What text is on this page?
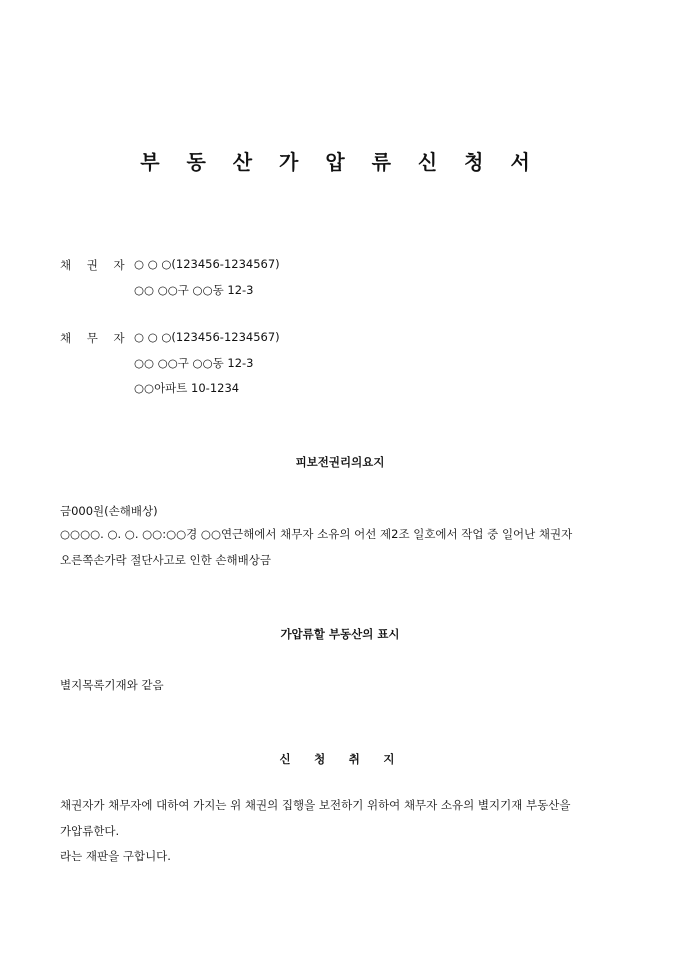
부 동 산 가 압 류 신 청 서
채 권 자 ○ ○ ○(123456-1234567)
○○ ○○구 ○○동 12-3
채 무 자 ○ ○ ○(123456-1234567)
○○ ○○구 ○○동 12-3
○○아파트 10-1234
피보전권리의요지
금000원(손해배상)
○○○○. ○. ○. ○○:○○경 ○○연근해에서 채무자 소유의 어선 제2조 일호에서 작업 중 일어난 채권자 오른쪽손가락 절단사고로 인한 손해배상금
가압류할 부동산의 표시
별지목록기재와 같음
신　청　취　지
채권자가 채무자에 대하여 가지는 위 채권의 집행을 보전하기 위하여 채무자 소유의 별지기재 부동산을 가압류한다.
라는 재판을 구합니다.
